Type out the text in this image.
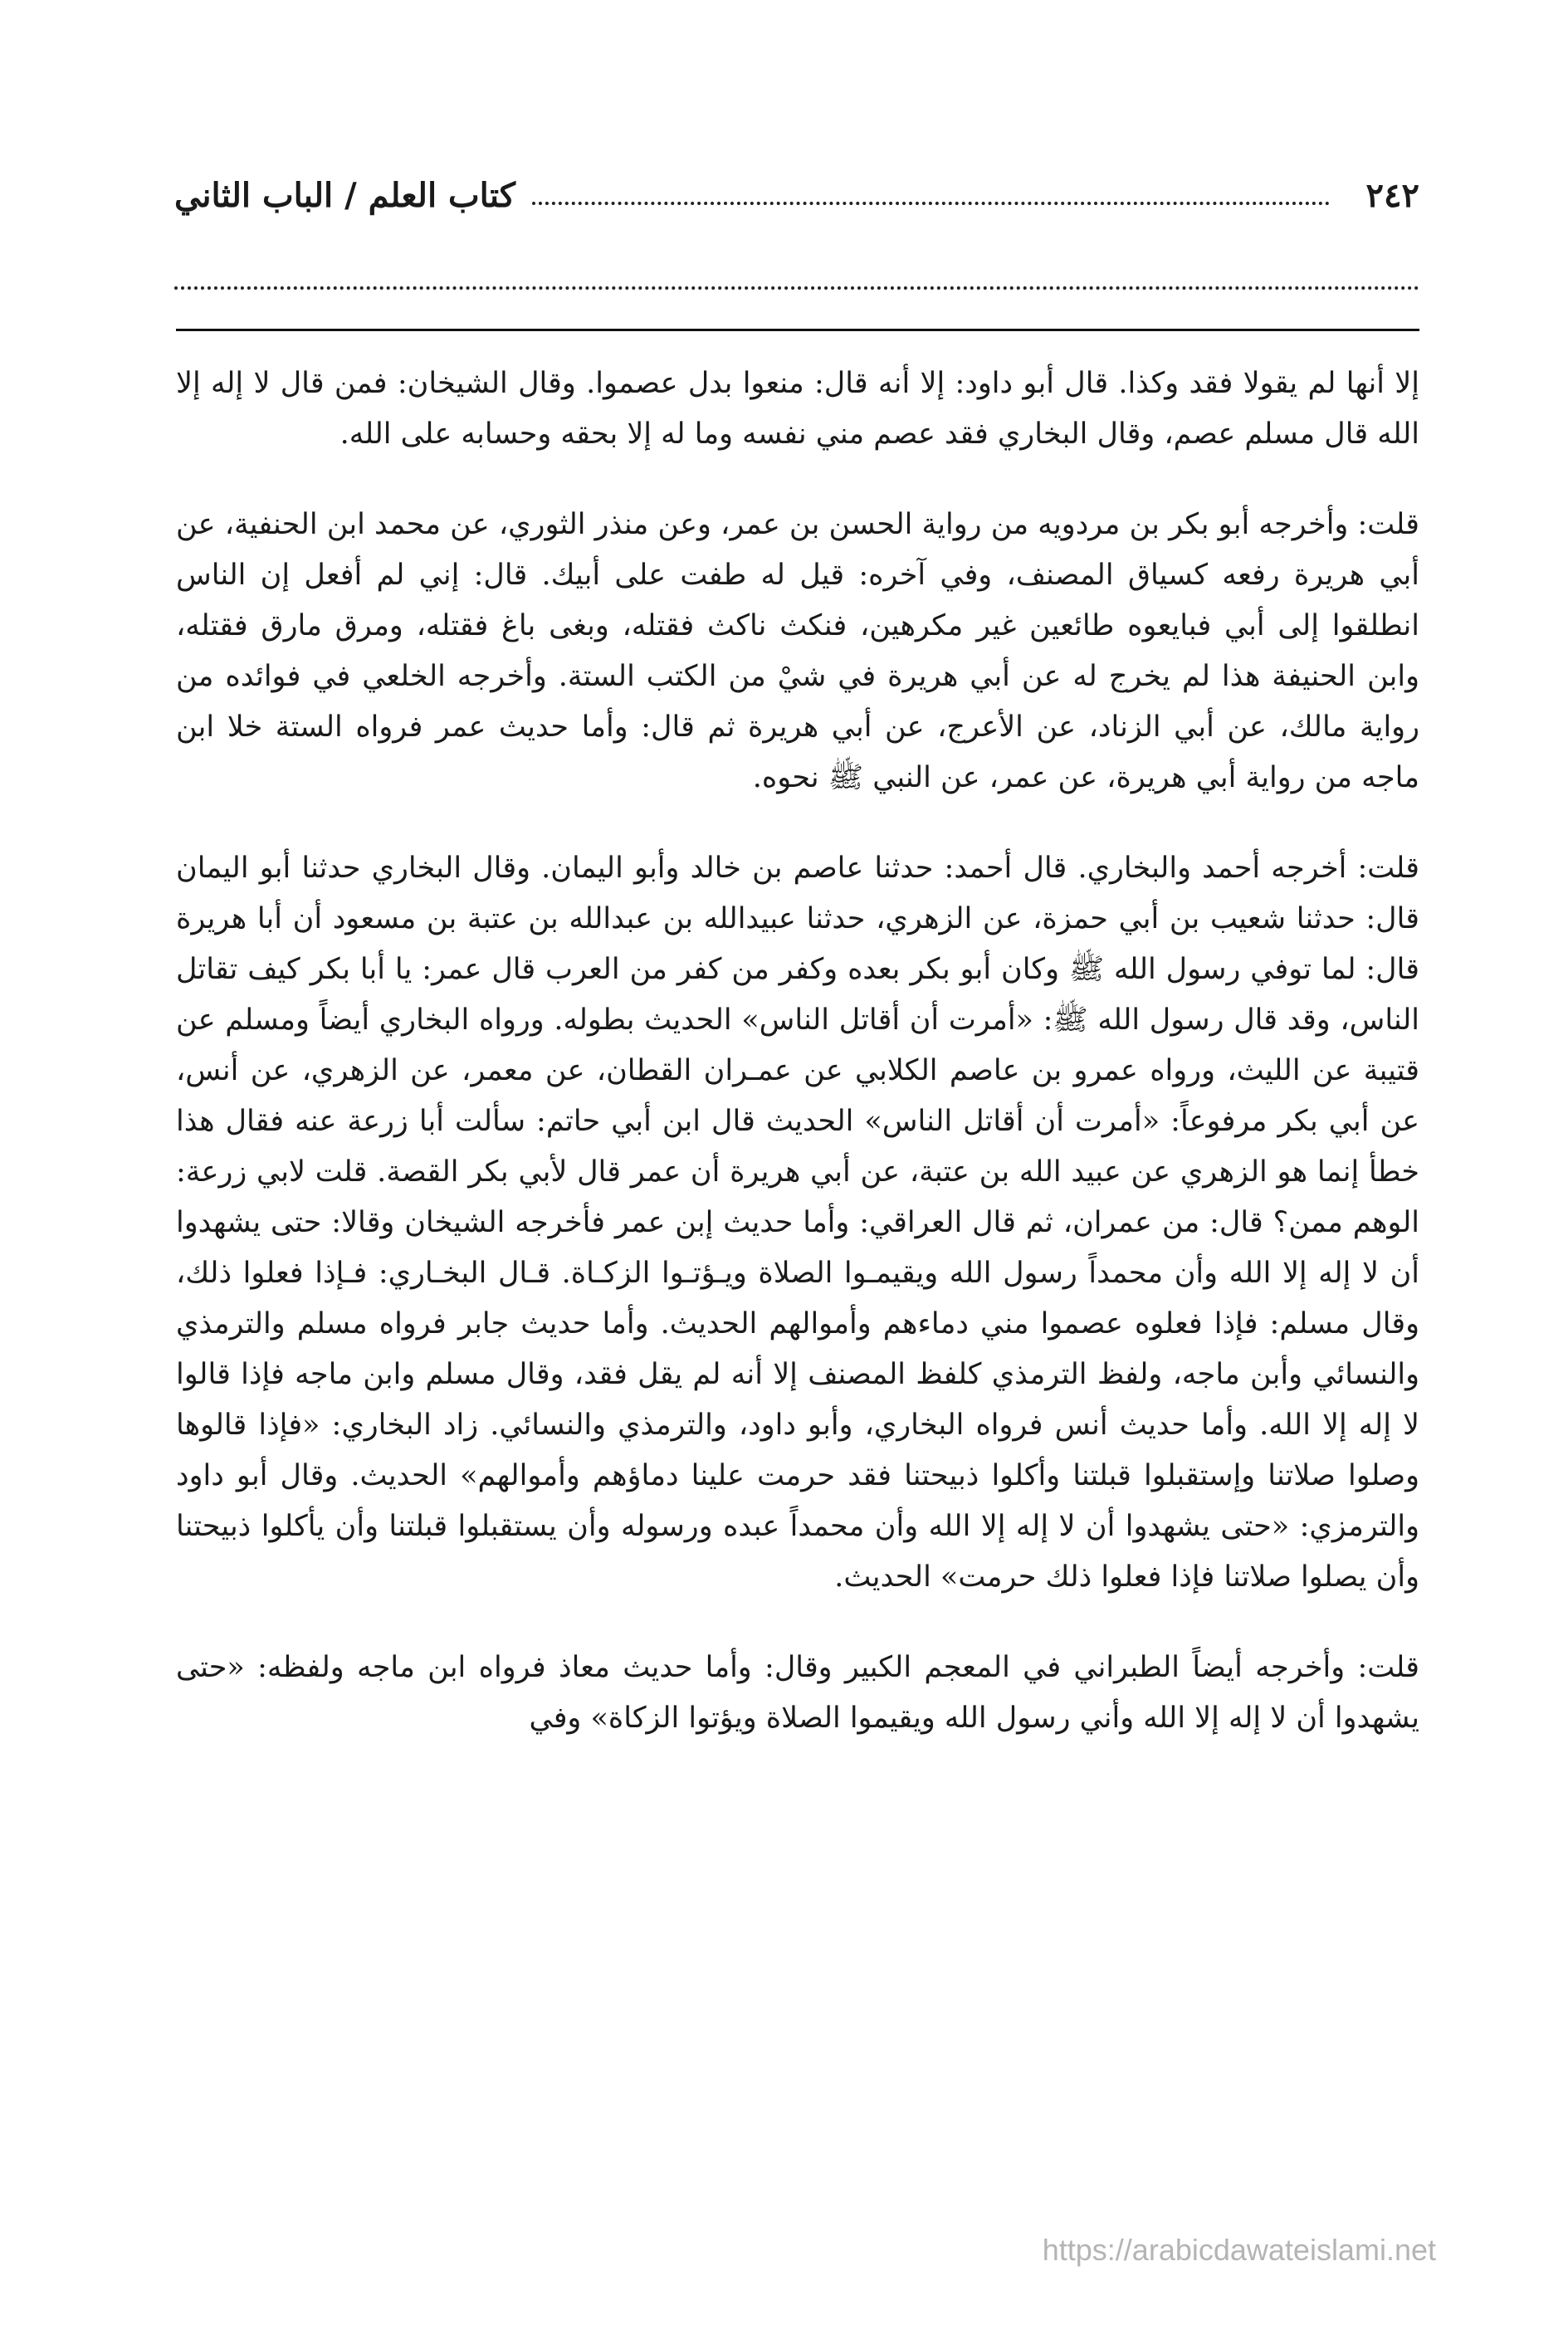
٢٤٢
كتاب العلم / الباب الثاني

إلا أنها لم يقولا فقد وكذا. قال أبو داود: إلا أنه قال: منعوا بدل عصموا. وقال الشيخان: فمن قال لا إله إلا الله قال مسلم عصم، وقال البخاري فقد عصم مني نفسه وما له إلا بحقه وحسابه على الله.

قلت: وأخرجه أبو بكر بن مردويه من رواية الحسن بن عمر، وعن منذر الثوري، عن محمد ابن الحنفية، عن أبي هريرة رفعه كسياق المصنف، وفي آخره: قيل له طفت على أبيك. قال: إني لم أفعل إن الناس انطلقوا إلى أبي فبايعوه طائعين غير مكرهين، فنكث ناكث فقتله، وبغى باغ فقتله، ومرق مارق فقتله، وابن الحنيفة هذا لم يخرج له عن أبي هريرة في شيْ من الكتب الستة. وأخرجه الخلعي في فوائده من رواية مالك، عن أبي الزناد، عن الأعرج، عن أبي هريرة ثم قال: وأما حديث عمر فرواه الستة خلا ابن ماجه من رواية أبي هريرة، عن عمر، عن النبي ﷺ نحوه.

قلت: أخرجه أحمد والبخاري. قال أحمد: حدثنا عاصم بن خالد وأبو اليمان. وقال البخاري حدثنا أبو اليمان قال: حدثنا شعيب بن أبي حمزة، عن الزهري، حدثنا عبيدالله بن عبدالله بن عتبة بن مسعود أن أبا هريرة قال: لما توفي رسول الله ﷺ وكان أبو بكر بعده وكفر من كفر من العرب قال عمر: يا أبا بكر كيف تقاتل الناس، وقد قال رسول الله ﷺ: «أمرت أن أقاتل الناس» الحديث بطوله. ورواه البخاري أيضاً ومسلم عن قتيبة عن الليث، ورواه عمرو بن عاصم الكلابي عن عمـران القطان، عن معمر، عن الزهري، عن أنس، عن أبي بكر مرفوعاً: «أمرت أن أقاتل الناس» الحديث قال ابن أبي حاتم: سألت أبا زرعة عنه فقال هذا خطأ إنما هو الزهري عن عبيد الله بن عتبة، عن أبي هريرة أن عمر قال لأبي بكر القصة. قلت لابي زرعة: الوهم ممن؟ قال: من عمران، ثم قال العراقي: وأما حديث إبن عمر فأخرجه الشيخان وقالا: حتى يشهدوا أن لا إله إلا الله وأن محمداً رسول الله ويقيمـوا الصلاة ويـؤتـوا الزكـاة. قـال البخـاري: فـإذا فعلوا ذلك، وقال مسلم: فإذا فعلوه عصموا مني دماءهم وأموالهم الحديث. وأما حديث جابر فرواه مسلم والترمذي والنسائي وأبن ماجه، ولفظ الترمذي كلفظ المصنف إلا أنه لم يقل فقد، وقال مسلم وابن ماجه فإذا قالوا لا إله إلا الله. وأما حديث أنس فرواه البخاري، وأبو داود، والترمذي والنسائي. زاد البخاري: «فإذا قالوها وصلوا صلاتنا وإستقبلوا قبلتنا وأكلوا ذبيحتنا فقد حرمت علينا دماؤهم وأموالهم» الحديث. وقال أبو داود والترمزي: «حتى يشهدوا أن لا إله إلا الله وأن محمداً عبده ورسوله وأن يستقبلوا قبلتنا وأن يأكلوا ذبيحتنا وأن يصلوا صلاتنا فإذا فعلوا ذلك حرمت» الحديث.

قلت: وأخرجه أيضاً الطبراني في المعجم الكبير وقال: وأما حديث معاذ فرواه ابن ماجه ولفظه: «حتى يشهدوا أن لا إله إلا الله وأني رسول الله ويقيموا الصلاة ويؤتوا الزكاة» وفي

https://arabicdawateislami.net
